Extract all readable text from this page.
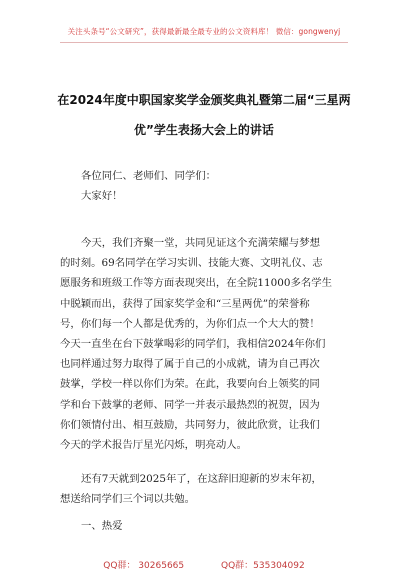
关注头条号“公文研究”，获得最新最全最专业的公文资料库！ 微信：gongwenyj
在2024年度中职国家奖学金颁奖典礼暨第二届“三星两
优”学生表扬大会上的讲话

各位同仁、老师们、同学们：

大家好！

今天，我们齐聚一堂，共同见证这个充满荣耀与梦想

的时刻。69名同学在学习实训、技能大赛、文明礼仪、志

愿服务和班级工作等方面表现突出，在全院11000多名学生

中脱颖而出，获得了国家奖学金和“三星两优”的荣誉称

号，你们每一个人都是优秀的，为你们点一个大大的赞！

今天一直坐在台下鼓掌喝彩的同学们，我相信2024年你们

也同样通过努力取得了属于自己的小成就，请为自己再次

鼓掌，学校一样以你们为荣。在此，我要向台上领奖的同

学和台下鼓掌的老师、同学一并表示最热烈的祝贺，因为

你们领情付出、相互鼓励，共同努力，彼此欣赏，让我们

今天的学术报告厅星光闪烁，明亮动人。

还有7天就到2025年了，在这辞旧迎新的岁末年初，

想送给同学们三个词以共勉。

一、热爱
QQ群： 30265665	QQ群：535304092
